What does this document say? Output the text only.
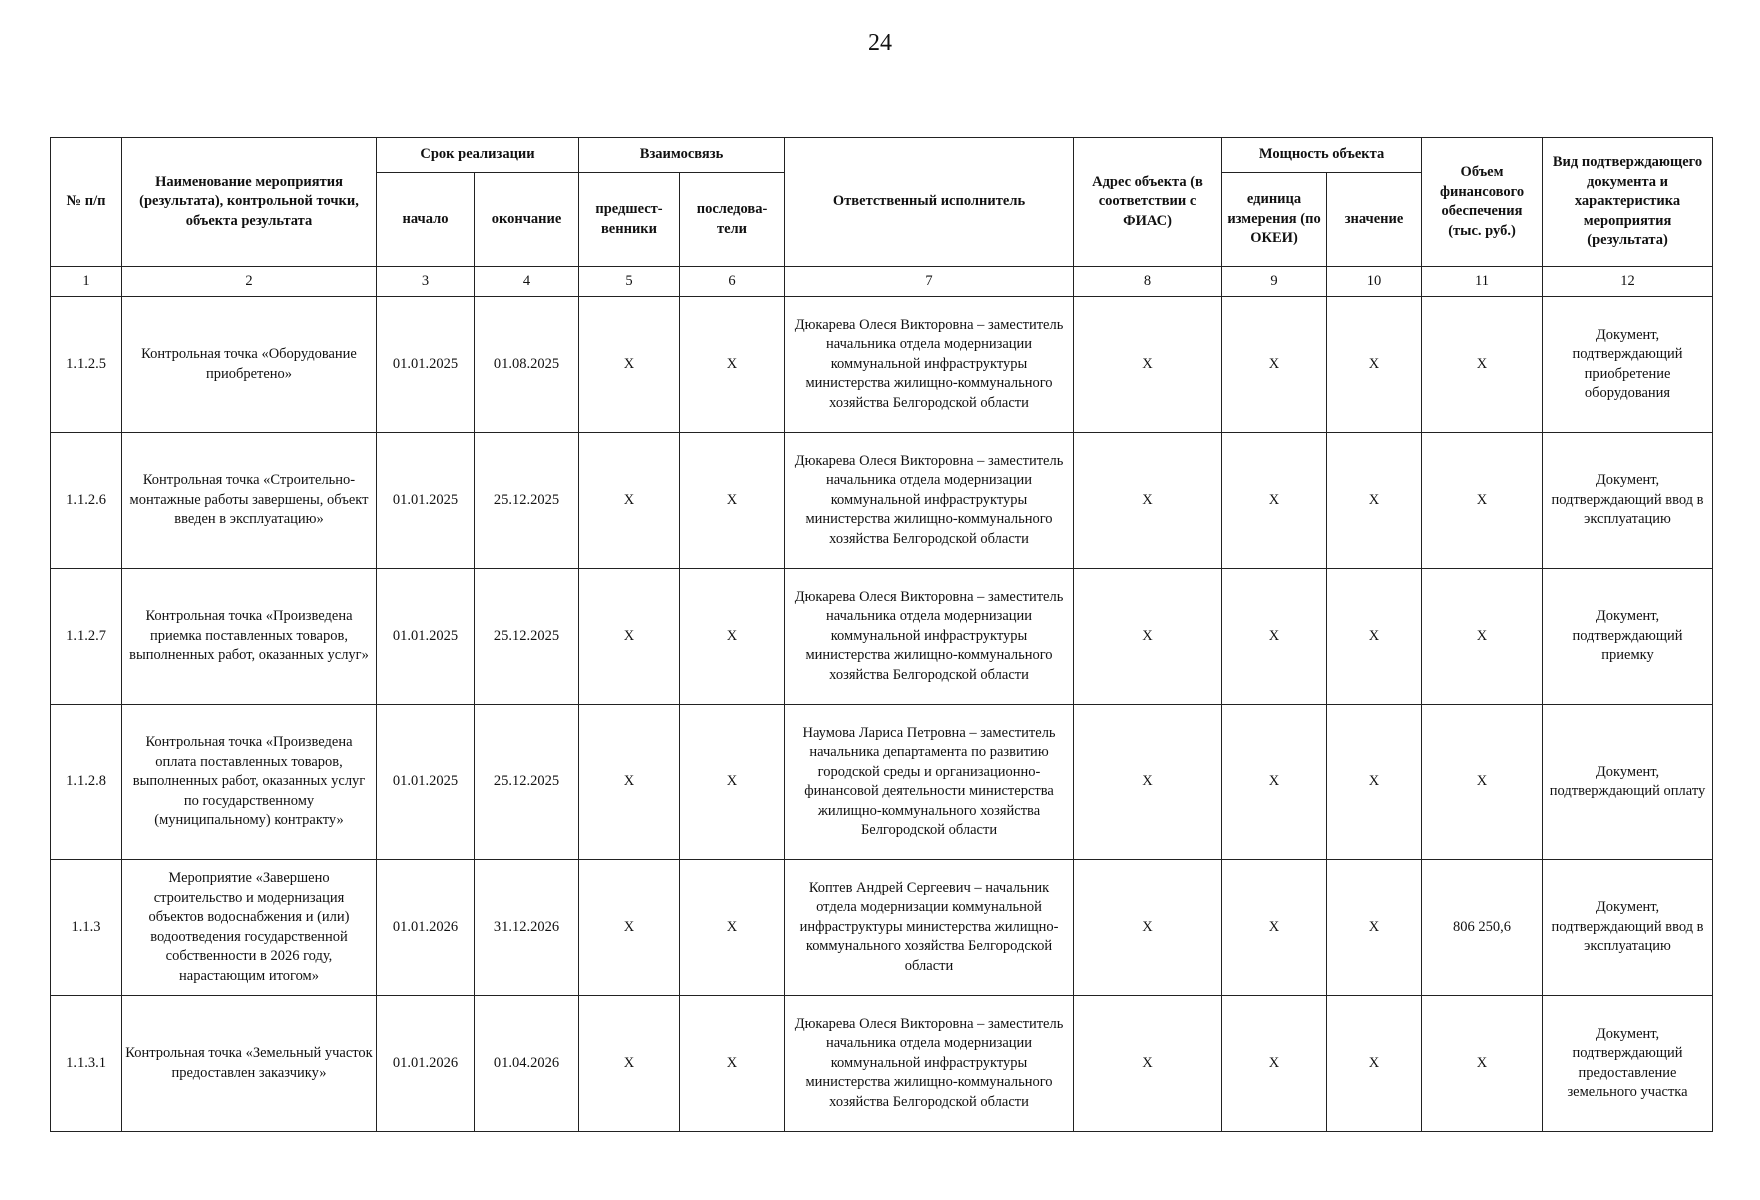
24
№ п/п	Наименование мероприятия (результата), контрольной точки, объекта результата	Срок реализации		Взаимосвязь		Ответственный исполнитель	Адрес объекта (в соответствии с ФИАС)	Мощность объекта		Объем финансового обеспечения (тыс. руб.)	Вид подтверждающего документа и характеристика мероприятия (результата)
		начало	окончание	предшест-венники	последова-тели			единица измерения (по ОКЕИ)	значение		
1	2	3	4	5	6	7	8	9	10	11	12
1.1.2.5	Контрольная точка «Оборудование приобретено»	01.01.2025	01.08.2025	Х	Х	Дюкарева Олеся Викторовна – заместитель начальника отдела модернизации коммунальной инфраструктуры министерства жилищно-коммунального хозяйства Белгородской области	Х	Х	Х	Х	Документ, подтверждающий приобретение оборудования
1.1.2.6	Контрольная точка «Строительно-монтажные работы завершены, объект введен в эксплуатацию»	01.01.2025	25.12.2025	Х	Х	Дюкарева Олеся Викторовна – заместитель начальника отдела модернизации коммунальной инфраструктуры министерства жилищно-коммунального хозяйства Белгородской области	Х	Х	Х	Х	Документ, подтверждающий ввод в эксплуатацию
1.1.2.7	Контрольная точка «Произведена приемка поставленных товаров, выполненных работ, оказанных услуг»	01.01.2025	25.12.2025	Х	Х	Дюкарева Олеся Викторовна – заместитель начальника отдела модернизации коммунальной инфраструктуры министерства жилищно-коммунального хозяйства Белгородской области	Х	Х	Х	Х	Документ, подтверждающий приемку
1.1.2.8	Контрольная точка «Произведена оплата поставленных товаров, выполненных работ, оказанных услуг по государственному (муниципальному) контракту»	01.01.2025	25.12.2025	Х	Х	Наумова Лариса Петровна – заместитель начальника департамента по развитию городской среды и организационно-финансовой деятельности министерства жилищно-коммунального хозяйства Белгородской области	Х	Х	Х	Х	Документ, подтверждающий оплату
1.1.3	Мероприятие «Завершено строительство и модернизация объектов водоснабжения и (или) водоотведения государственной собственности в 2026 году, нарастающим итогом»	01.01.2026	31.12.2026	Х	Х	Коптев Андрей Сергеевич – начальник отдела модернизации коммунальной инфраструктуры министерства жилищно-коммунального хозяйства Белгородской области	Х	Х	Х	806 250,6	Документ, подтверждающий ввод в эксплуатацию
1.1.3.1	Контрольная точка «Земельный участок предоставлен заказчику»	01.01.2026	01.04.2026	Х	Х	Дюкарева Олеся Викторовна – заместитель начальника отдела модернизации коммунальной инфраструктуры министерства жилищно-коммунального хозяйства Белгородской области	Х	Х	Х	Х	Документ, подтверждающий предоставление земельного участка
